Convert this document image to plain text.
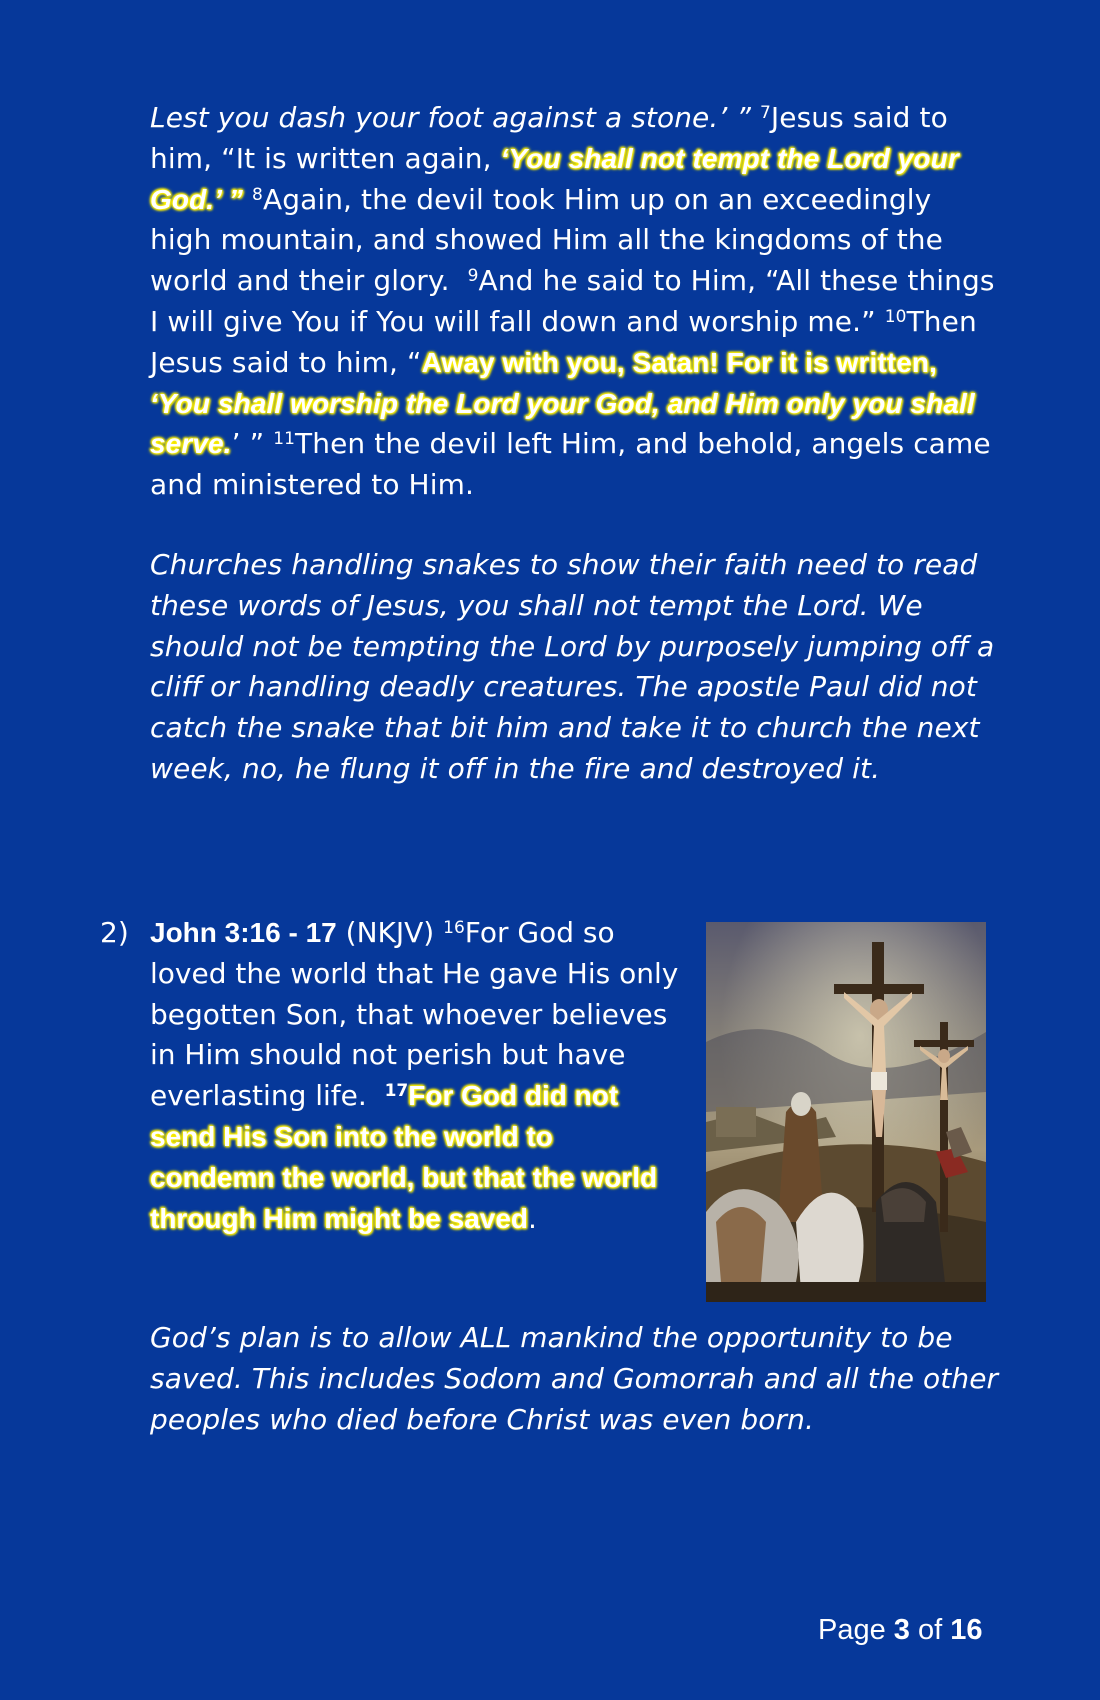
Lest you dash your foot against a stone.’ ” $^7$Jesus said to him, “It is written again, ‘You shall not tempt the Lord your God.’ ” $^8$Again, the devil took Him up on an exceedingly high mountain, and showed Him all the kingdoms of the world and their glory. $^9$And he said to Him, “All these things I will give You if You will fall down and worship me.” $^{10}$Then Jesus said to him, “Away with you, Satan! For it is written, ‘You shall worship the Lord your God, and Him only you shall serve.’ ” $^{11}$Then the devil left Him, and behold, angels came and ministered to Him.
Churches handling snakes to show their faith need to read these words of Jesus, you shall not tempt the Lord. We should not be tempting the Lord by purposely jumping off a cliff or handling deadly creatures. The apostle Paul did not catch the snake that bit him and take it to church the next week, no, he flung it off in the fire and destroyed it.
2) John 3:16 - 17 (NKJV) $^{16}$For God so loved the world that He gave His only begotten Son, that whoever believes in Him should not perish but have everlasting life. $^{17}$For God did not send His Son into the world to condemn the world, but that the world through Him might be saved.
God’s plan is to allow ALL mankind the opportunity to be saved. This includes Sodom and Gomorrah and all the other peoples who died before Christ was even born.
Page 3 of 16
